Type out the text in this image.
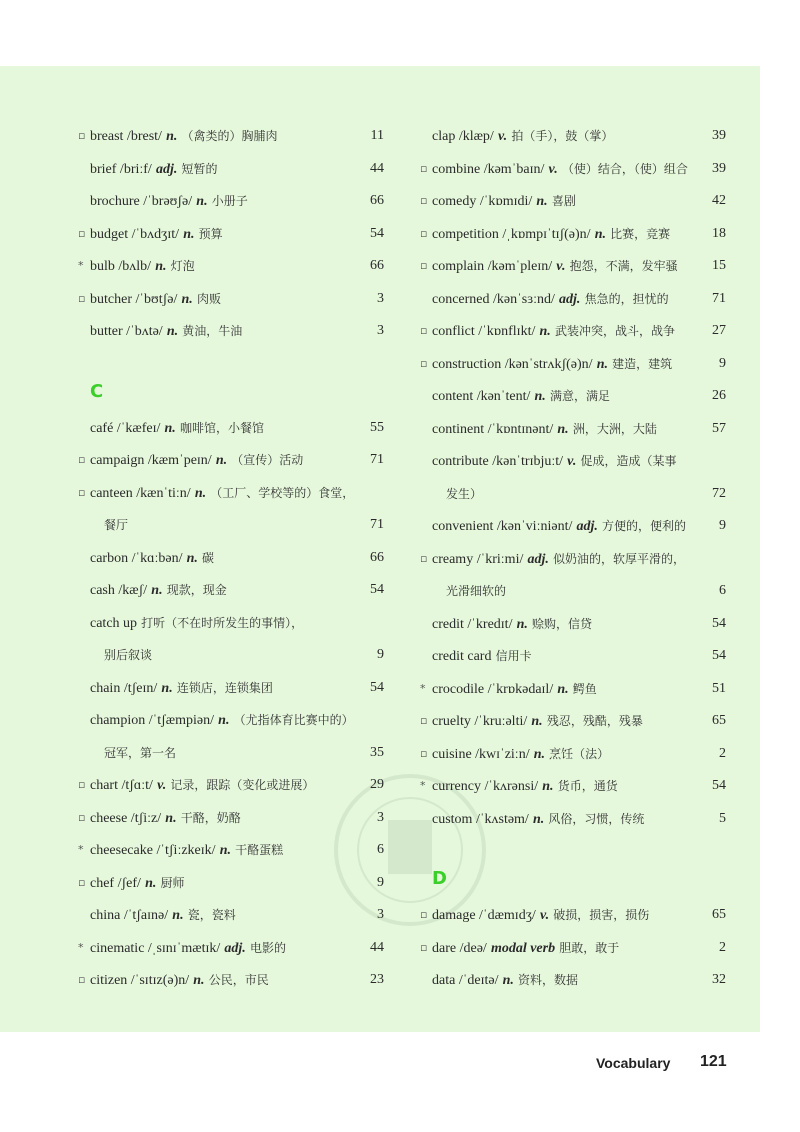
▫ breast /brest/ n. （禽类的）胸脯肉	11
brief /briːf/ adj. 短暂的	44
brochure /ˈbrəʊʃə/ n. 小册子	66
▫ budget /ˈbʌdʒɪt/ n. 预算	54
* bulb /bʌlb/ n. 灯泡	66
▫ butcher /ˈbʊtʃə/ n. 肉贩	3
butter /ˈbʌtə/ n. 黄油，牛油	3
C
café /ˈkæfeɪ/ n. 咖啡馆，小餐馆	55
▫ campaign /kæmˈpeɪn/ n. （宣传）活动	71
▫ canteen /kænˈtiːn/ n. （工厂、学校等的）食堂，
餐厅	71
carbon /ˈkɑːbən/ n. 碳	66
cash /kæʃ/ n. 现款，现金	54
catch up 打听（不在时所发生的事情），
别后叙谈	9
chain /tʃeɪn/ n. 连锁店，连锁集团	54
champion /ˈtʃæmpiən/ n. （尤指体育比赛中的）
冠军，第一名	35
▫ chart /tʃɑːt/ v. 记录，跟踪（变化或进展）	29
▫ cheese /tʃiːz/ n. 干酪，奶酪	3
* cheesecake /ˈtʃiːzkeɪk/ n. 干酪蛋糕	6
▫ chef /ʃef/ n. 厨师	9
china /ˈtʃaɪnə/ n. 瓷，瓷料	3
* cinematic /ˌsɪnɪˈmætɪk/ adj. 电影的	44
▫ citizen /ˈsɪtɪz(ə)n/ n. 公民，市民	23
clap /klæp/ v. 拍（手），鼓（掌）	39
▫ combine /kəmˈbaɪn/ v. （使）结合，（使）组合 39
▫ comedy /ˈkɒmɪdi/ n. 喜剧	42
▫ competition /ˌkɒmpɪˈtɪʃ(ə)n/ n. 比赛，竞赛	18
▫ complain /kəmˈpleɪn/ v. 抱怨，不满，发牢骚 15
concerned /kənˈsɜːnd/ adj. 焦急的，担忧的	71
▫ conflict /ˈkɒnflɪkt/ n. 武装冲突，战斗，战争	27
▫ construction /kənˈstrʌkʃ(ə)n/ n. 建造，建筑	9
content /kənˈtent/ n. 满意，满足	26
continent /ˈkɒntɪnənt/ n. 洲，大洲，大陆	57
contribute /kənˈtrɪbjuːt/ v. 促成，造成（某事
发生）	72
convenient /kənˈviːniənt/ adj. 方便的，便利的 9
▫ creamy /ˈkriːmi/ adj. 似奶油的，软厚平滑的，
光滑细软的	6
credit /ˈkredɪt/ n. 赊购，信贷	54
credit card 信用卡	54
* crocodile /ˈkrɒkədaɪl/ n. 鳄鱼	51
▫ cruelty /ˈkruːəlti/ n. 残忍，残酷，残暴	65
▫ cuisine /kwɪˈziːn/ n. 烹饪（法）	2
* currency /ˈkʌrənsi/ n. 货币，通货	54
custom /ˈkʌstəm/ n. 风俗，习惯，传统	5
D
▫ damage /ˈdæmɪdʒ/ v. 破损，损害，损伤	65
▫ dare /deə/ modal verb 胆敢，敢于	2
data /ˈdeɪtə/ n. 资料，数据	32
Vocabulary 121
